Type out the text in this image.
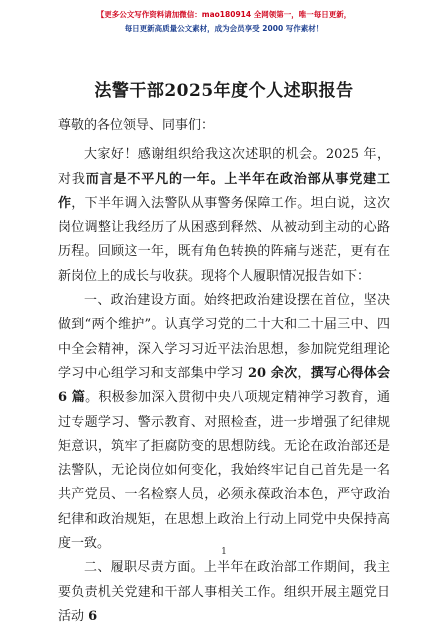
【更多公文写作资料请加微信：mao180914 全网领第一，唯一每日更新，
每日更新高质量公文素材，成为会员享受 2000 写作素材！
法警干部2025年度个人述职报告

尊敬的各位领导、同事们：

大家好！感谢组织给我这次述职的机会。2025 年，对我而言是不平凡的一年。上半年在政治部从事党建工作，下半年调入法警队从事警务保障工作。坦白说，这次岗位调整让我经历了从困惑到释然、从被动到主动的心路历程。回顾这一年，既有角色转换的阵痛与迷茫，更有在新岗位上的成长与收获。现将个人履职情况报告如下：

一、政治建设方面。始终把政治建设摆在首位，坚决做到“两个维护”。认真学习党的二十大和二十届三中、四中全会精神，深入学习习近平法治思想，参加院党组理论学习中心组学习和支部集中学习 20 余次，撰写心得体会 6 篇。积极参加深入贯彻中央八项规定精神学习教育，通过专题学习、警示教育、对照检查，进一步增强了纪律规矩意识，筑牢了拒腐防变的思想防线。无论在政治部还是法警队，无论岗位如何变化，我始终牢记自己首先是一名共产党员、一名检察人员，必须永葆政治本色，严守政治纪律和政治规矩，在思想上政治上行动上同党中央保持高度一致。

二、履职尽责方面。上半年在政治部工作期间，我主要负责机关党建和干部人事相关工作。组织开展主题党日活动 6

1
